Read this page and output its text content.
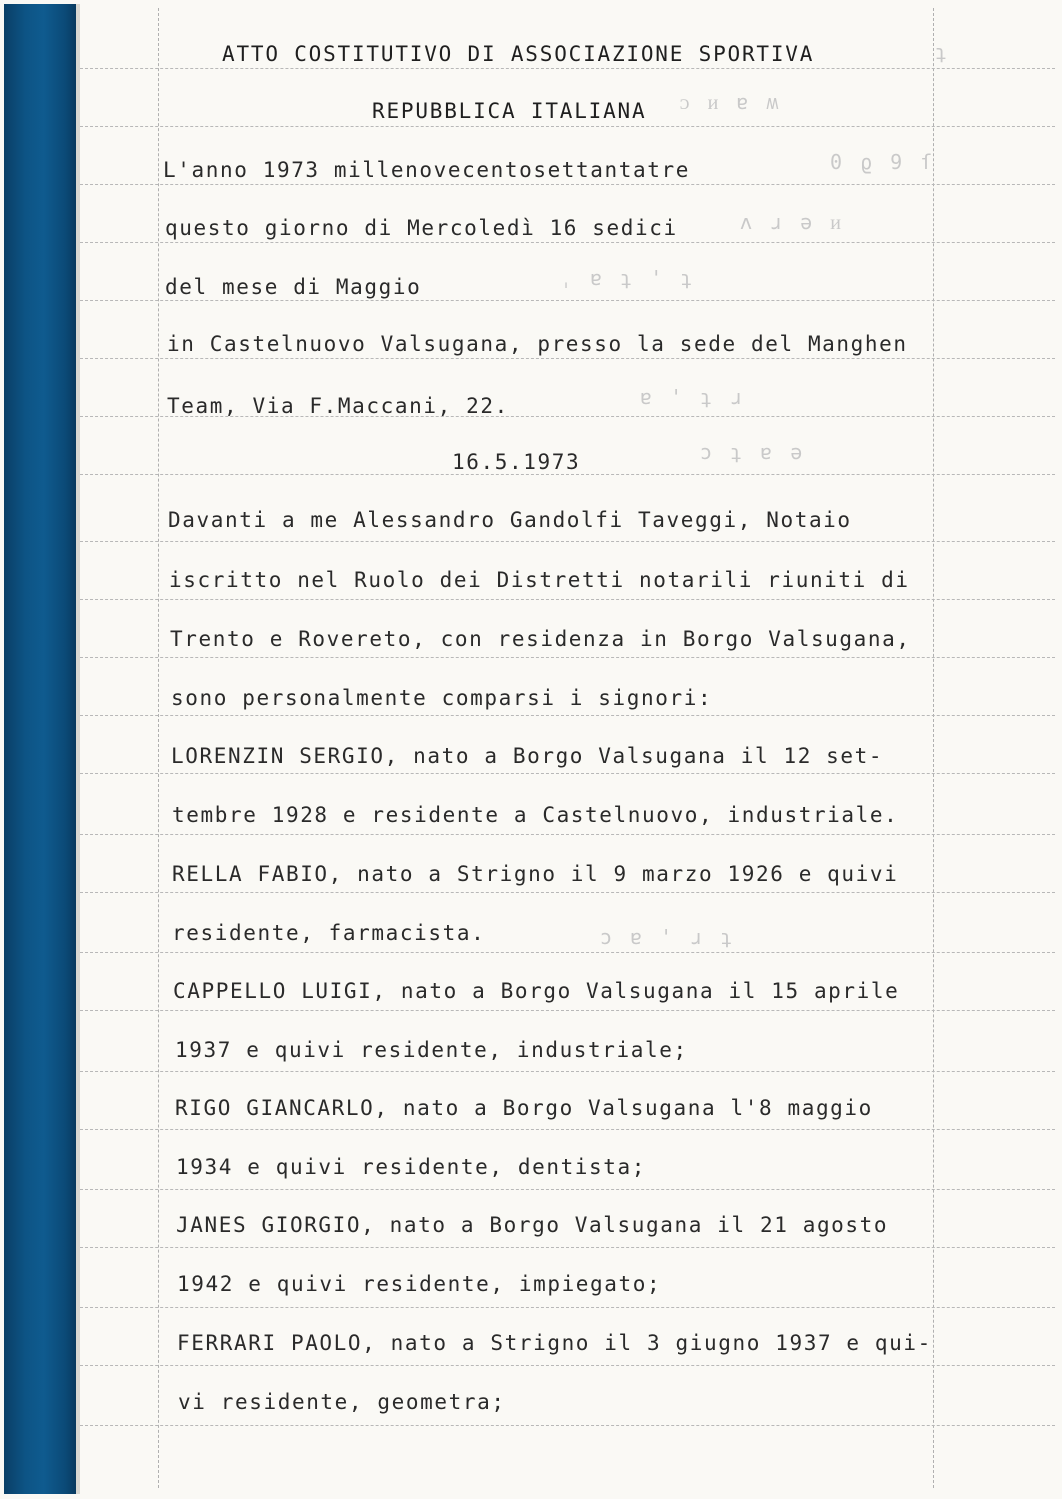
ʇ
ᴐ ᴎ ɐ ʍ
0 ϱ 9 ſ
ʌ ɹ ǝ ᴎ
ˌ ɐ ʇ ' ʇ
ɐ ' ʇ ɹ
ɔ ʇ ɐ ǝ
ɔ ɐ ' ɹ ʇ
ATTO COSTITUTIVO DI ASSOCIAZIONE SPORTIVA
REPUBBLICA ITALIANA
L'anno 1973 millenovecentosettantatre
questo giorno di Mercoledì 16 sedici
del mese di Maggio
in Castelnuovo Valsugana, presso la sede del Manghen
Team, Via F.Maccani, 22.
16.5.1973
Davanti a me Alessandro Gandolfi Taveggi, Notaio
iscritto nel Ruolo dei Distretti notarili riuniti di
Trento e Rovereto, con residenza in Borgo Valsugana,
sono personalmente comparsi i signori:
LORENZIN SERGIO, nato a Borgo Valsugana il 12 set-
tembre 1928 e residente a Castelnuovo, industriale.
RELLA FABIO, nato a Strigno il 9 marzo 1926 e quivi
residente, farmacista.
CAPPELLO LUIGI, nato a Borgo Valsugana il 15 aprile
1937 e quivi residente, industriale;
RIGO GIANCARLO, nato a Borgo Valsugana l'8 maggio
1934 e quivi residente, dentista;
JANES GIORGIO, nato a Borgo Valsugana il 21 agosto
1942 e quivi residente, impiegato;
FERRARI PAOLO, nato a Strigno il 3 giugno 1937 e qui-
vi residente, geometra;
